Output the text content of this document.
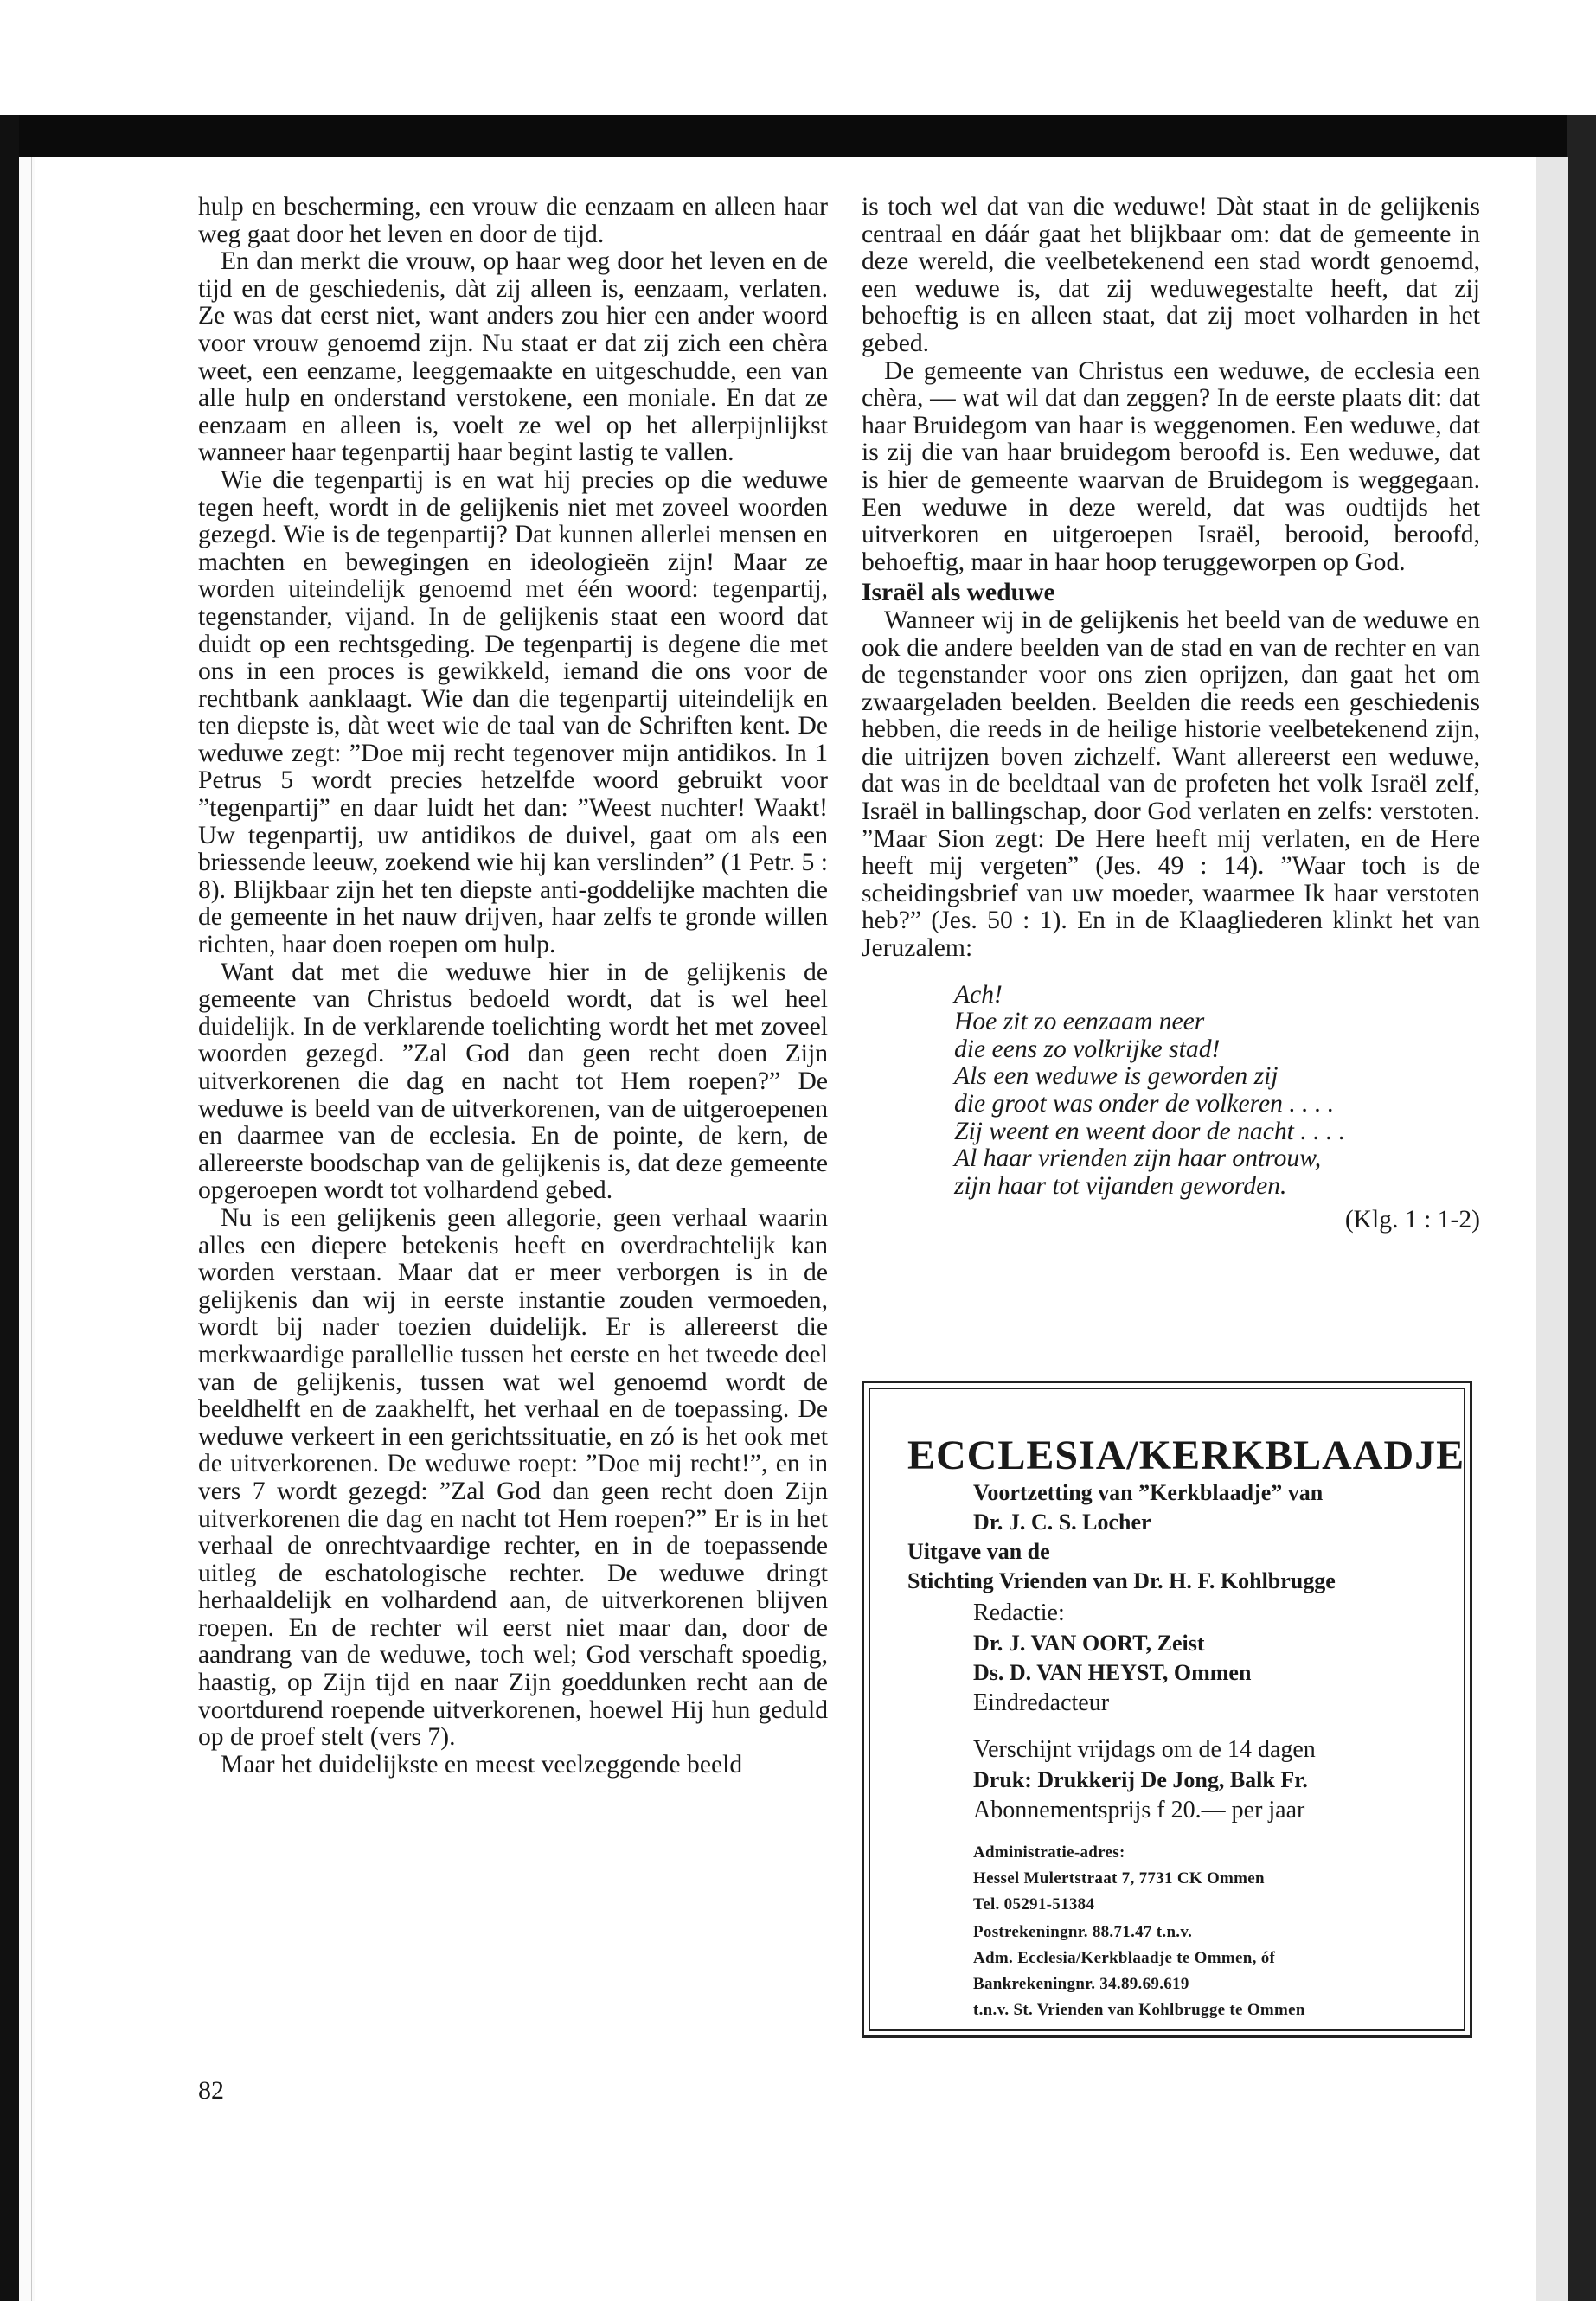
hulp en bescherming, een vrouw die eenzaam en alleen haar weg gaat door het leven en door de tijd.

En dan merkt die vrouw, op haar weg door het leven en de tijd en de geschiedenis, dàt zij alleen is, eenzaam, verlaten. Ze was dat eerst niet, want anders zou hier een ander woord voor vrouw genoemd zijn. Nu staat er dat zij zich een chèra weet, een eenzame, leeggemaakte en uitgeschudde, een van alle hulp en onderstand verstokene, een moniale. En dat ze eenzaam en alleen is, voelt ze wel op het allerpijnlijkst wanneer haar tegenpartij haar begint lastig te vallen.

Wie die tegenpartij is en wat hij precies op die weduwe tegen heeft, wordt in de gelijkenis niet met zoveel woorden gezegd. Wie is de tegenpartij? Dat kunnen allerlei mensen en machten en bewegingen en ideologieën zijn! Maar ze worden uiteindelijk genoemd met één woord: tegenpartij, tegenstander, vijand. In de gelijkenis staat een woord dat duidt op een rechtsgeding. De tegenpartij is degene die met ons in een proces is gewikkeld, iemand die ons voor de rechtbank aanklaagt. Wie dan die tegenpartij uiteindelijk en ten diepste is, dàt weet wie de taal van de Schriften kent. De weduwe zegt: ”Doe mij recht tegenover mijn antidikos. In 1 Petrus 5 wordt precies hetzelfde woord gebruikt voor ”tegenpartij” en daar luidt het dan: ”Weest nuchter! Waakt! Uw tegenpartij, uw antidikos de duivel, gaat om als een briessende leeuw, zoekend wie hij kan verslinden” (1 Petr. 5 : 8). Blijkbaar zijn het ten diepste anti-goddelijke machten die de gemeente in het nauw drijven, haar zelfs te gronde willen richten, haar doen roepen om hulp.

Want dat met die weduwe hier in de gelijkenis de gemeente van Christus bedoeld wordt, dat is wel heel duidelijk. In de verklarende toelichting wordt het met zoveel woorden gezegd. ”Zal God dan geen recht doen Zijn uitverkorenen die dag en nacht tot Hem roepen?” De weduwe is beeld van de uitverkorenen, van de uitgeroepenen en daarmee van de ecclesia. En de pointe, de kern, de allereerste boodschap van de gelijkenis is, dat deze gemeente opgeroepen wordt tot volhardend gebed.

Nu is een gelijkenis geen allegorie, geen verhaal waarin alles een diepere betekenis heeft en overdrachtelijk kan worden verstaan. Maar dat er meer verborgen is in de gelijkenis dan wij in eerste instantie zouden vermoeden, wordt bij nader toezien duidelijk. Er is allereerst die merkwaardige parallellie tussen het eerste en het tweede deel van de gelijkenis, tussen wat wel genoemd wordt de beeldhelft en de zaakhelft, het verhaal en de toepassing. De weduwe verkeert in een gerichtssituatie, en zó is het ook met de uitverkorenen. De weduwe roept: ”Doe mij recht!”, en in vers 7 wordt gezegd: ”Zal God dan geen recht doen Zijn uitverkorenen die dag en nacht tot Hem roepen?” Er is in het verhaal de onrechtvaardige rechter, en in de toepassende uitleg de eschatologische rechter. De weduwe dringt herhaaldelijk en volhardend aan, de uitverkorenen blijven roepen. En de rechter wil eerst niet maar dan, door de aandrang van de weduwe, toch wel; God verschaft spoedig, haastig, op Zijn tijd en naar Zijn goeddunken recht aan de voortdurend roepende uitverkorenen, hoewel Hij hun geduld op de proef stelt (vers 7).

Maar het duidelijkste en meest veelzeggende beeld

82

is toch wel dat van die weduwe! Dàt staat in de gelijkenis centraal en dáár gaat het blijkbaar om: dat de gemeente in deze wereld, die veelbetekenend een stad wordt genoemd, een weduwe is, dat zij weduwegestalte heeft, dat zij behoeftig is en alleen staat, dat zij moet volharden in het gebed.

De gemeente van Christus een weduwe, de ecclesia een chèra, — wat wil dat dan zeggen? In de eerste plaats dit: dat haar Bruidegom van haar is weggenomen. Een weduwe, dat is zij die van haar bruidegom beroofd is. Een weduwe, dat is hier de gemeente waarvan de Bruidegom is weggegaan. Een weduwe in deze wereld, dat was oudtijds het uitverkoren en uitgeroepen Israël, berooid, beroofd, behoeftig, maar in haar hoop teruggeworpen op God.

Israël als weduwe

Wanneer wij in de gelijkenis het beeld van de weduwe en ook die andere beelden van de stad en van de rechter en van de tegenstander voor ons zien oprijzen, dan gaat het om zwaargeladen beelden. Beelden die reeds een geschiedenis hebben, die reeds in de heilige historie veelbetekenend zijn, die uitrijzen boven zichzelf. Want allereerst een weduwe, dat was in de beeldtaal van de profeten het volk Israël zelf, Israël in ballingschap, door God verlaten en zelfs: verstoten. ”Maar Sion zegt: De Here heeft mij verlaten, en de Here heeft mij vergeten” (Jes. 49 : 14). ”Waar toch is de scheidingsbrief van uw moeder, waarmee Ik haar verstoten heb?” (Jes. 50 : 1). En in de Klaagliederen klinkt het van Jeruzalem:

Ach!
Hoe zit zo eenzaam neer
die eens zo volkrijke stad!
Als een weduwe is geworden zij
die groot was onder de volkeren . . . .
Zij weent en weent door de nacht . . . .
Al haar vrienden zijn haar ontrouw,
zijn haar tot vijanden geworden.
(Klg. 1 : 1-2)
ECCLESIA/KERKBLAADJE
Voortzetting van ”Kerkblaadje” van
Dr. J. C. S. Locher
Uitgave van de
Stichting Vrienden van Dr. H. F. Kohlbrugge
Redactie:
Dr. J. VAN OORT, Zeist
Ds. D. VAN HEYST, Ommen
Eindredacteur
Verschijnt vrijdags om de 14 dagen
Druk: Drukkerij De Jong, Balk Fr.
Abonnementsprijs f 20.— per jaar
Administratie-adres:
Hessel Mulertstraat 7, 7731 CK Ommen
Tel. 05291-51384
Postrekeningnr. 88.71.47 t.n.v.
Adm. Ecclesia/Kerkblaadje te Ommen, óf
Bankrekeningnr. 34.89.69.619
t.n.v. St. Vrienden van Kohlbrugge te Ommen
